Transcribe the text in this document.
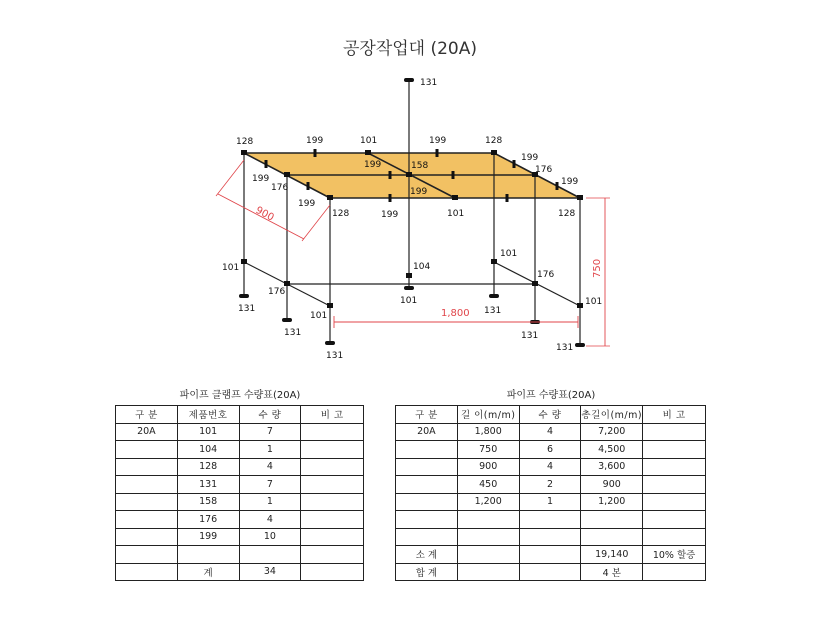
공장작업대 (20A)
131
128	199	101	199	128
199
199	158
199
176
176
199	199
128
199
101
199	128
101
101
104
176
101
101
176
131
131
131
131
101
131
131
900
1,800
750
파이프 클램프 수량표(20A)
구 분	제품번호	수 량	비 고
20A	101	7	
	104	1	
	128	4	
	131	7	
	158	1	
	176	4	
	199	10	

	계	34	
파이프 수량표(20A)
구 분	길 이(m/m)	수 량	총길이(m/m)	비 고
20A	1,800	4	7,200	
	750	6	4,500	
	900	4	3,600	
	450	2	900	
	1,200	1	1,200	

소 계			19,140	10% 할증
합 계			4 본	
